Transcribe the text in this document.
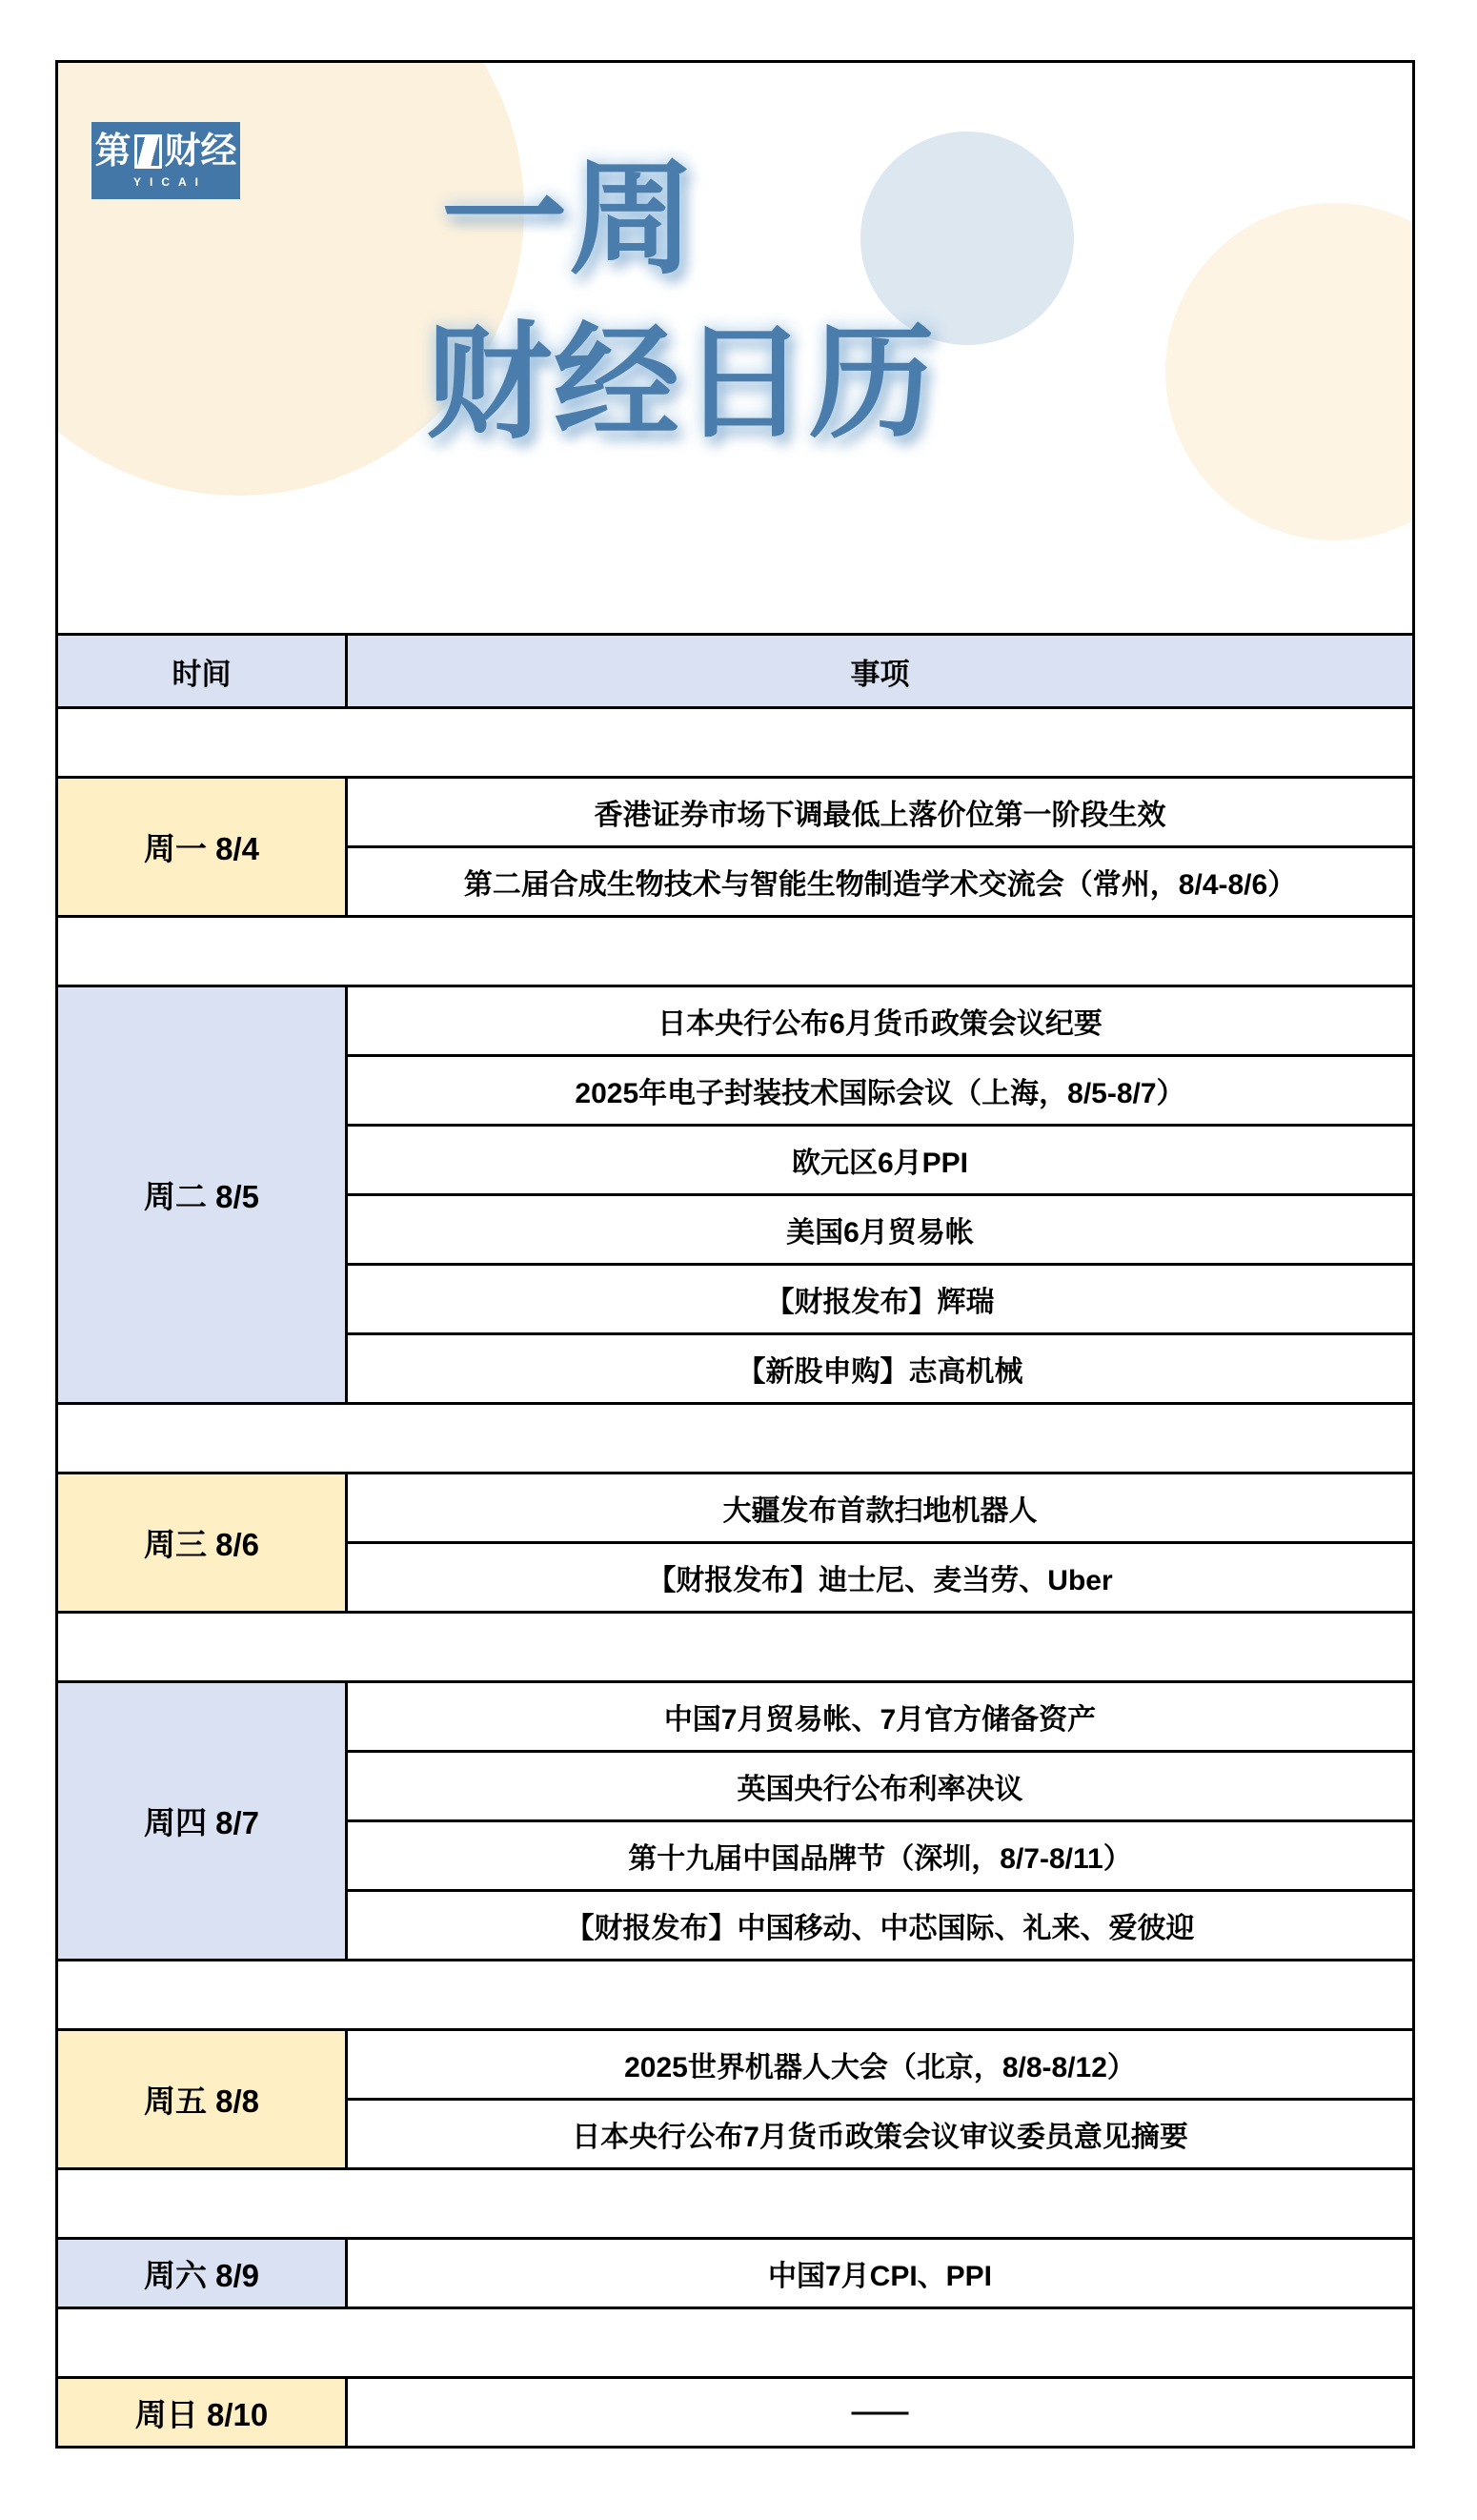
第 财经
YICAI 一周
财经日历
时间	事项

周一 8/4	香港证券市场下调最低上落价位第一阶段生效
	第二届合成生物技术与智能生物制造学术交流会（常州，8/4-8/6）

周二 8/5	日本央行公布6月货币政策会议纪要
	2025年电子封装技术国际会议（上海，8/5-8/7）
	欧元区6月PPI
	美国6月贸易帐
	【财报发布】辉瑞
	【新股申购】志高机械

周三 8/6	大疆发布首款扫地机器人
	【财报发布】迪士尼、麦当劳、Uber

周四 8/7	中国7月贸易帐、7月官方储备资产
	英国央行公布利率决议
	第十九届中国品牌节（深圳，8/7-8/11）
	【财报发布】中国移动、中芯国际、礼来、爱彼迎

周五 8/8	2025世界机器人大会（北京，8/8-8/12）
	日本央行公布7月货币政策会议审议委员意见摘要

周六 8/9	中国7月CPI、PPI

周日 8/10	——
